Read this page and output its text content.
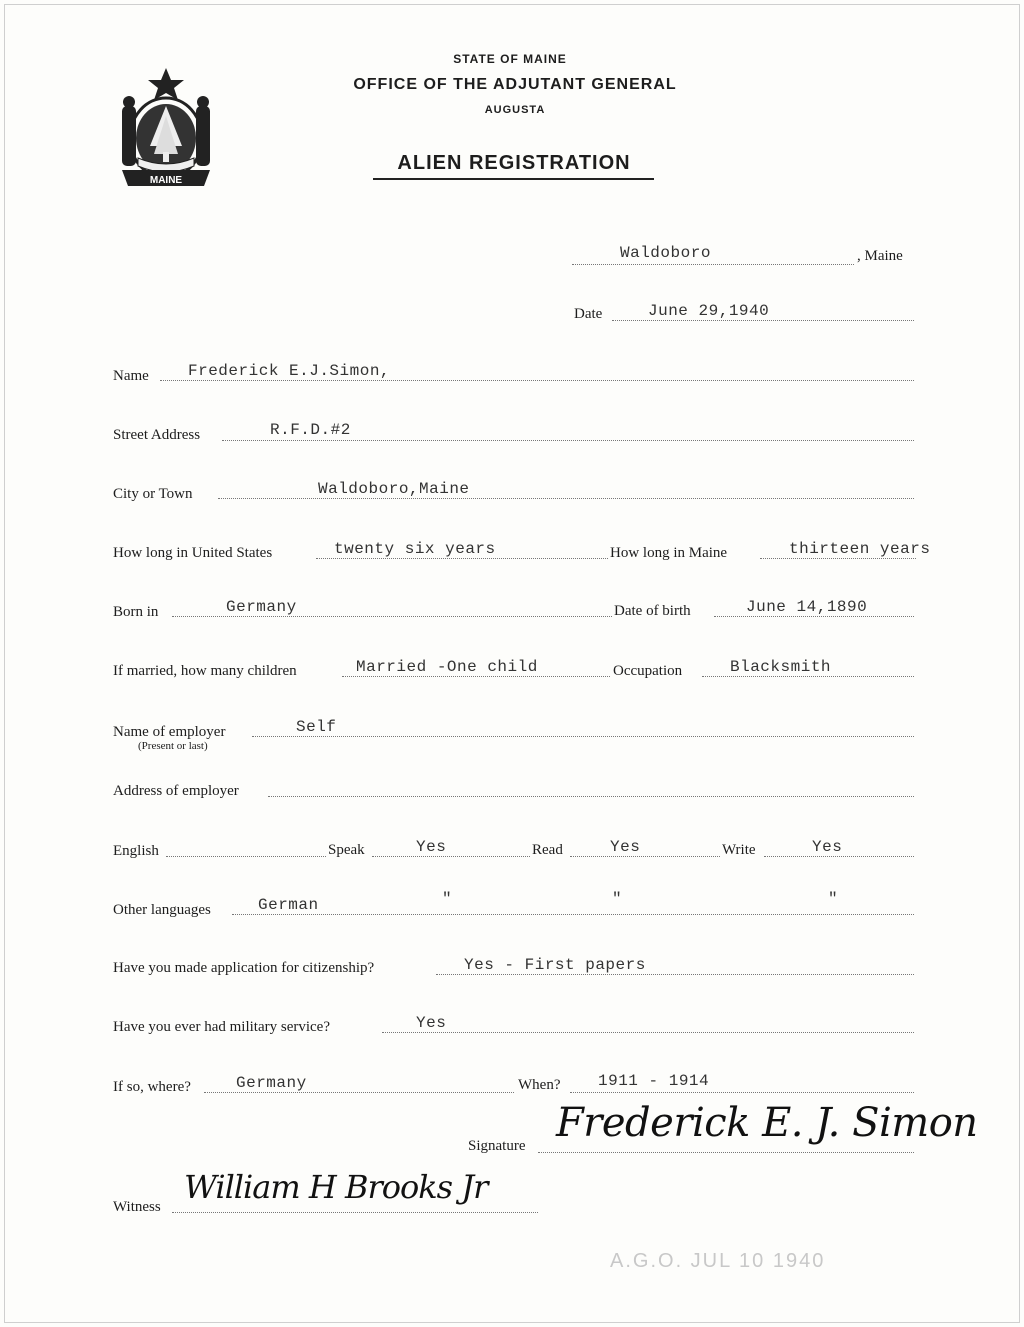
MAINE
STATE OF MAINE
OFFICE OF THE ADJUTANT GENERAL
AUGUSTA
ALIEN REGISTRATION
Waldoboro	, Maine
Date	June 29,1940
Name Frederick E.J.Simon,
Street Address	R.F.D.#2
City or Town	Waldoboro,Maine
How long in United States	twenty six years	How long in Maine	thirteen years
Born in	Germany	Date of birth	June 14,1890
If married, how many children	Married -One child	Occupation	Blacksmith
Name of employer
(Present or last)
Self
Address of employer
English	Speak	Yes	Read	Yes	Write	Yes
Other languages	German	"	"	"
Have you made application for citizenship?	Yes - First papers
Have you ever had military service?	Yes
If so, where?	Germany	When? 1911 - 1914
Signature Frederick E. J. Simon
Witness
William H Brooks Jr
A.G.O. JUL 10 1940
